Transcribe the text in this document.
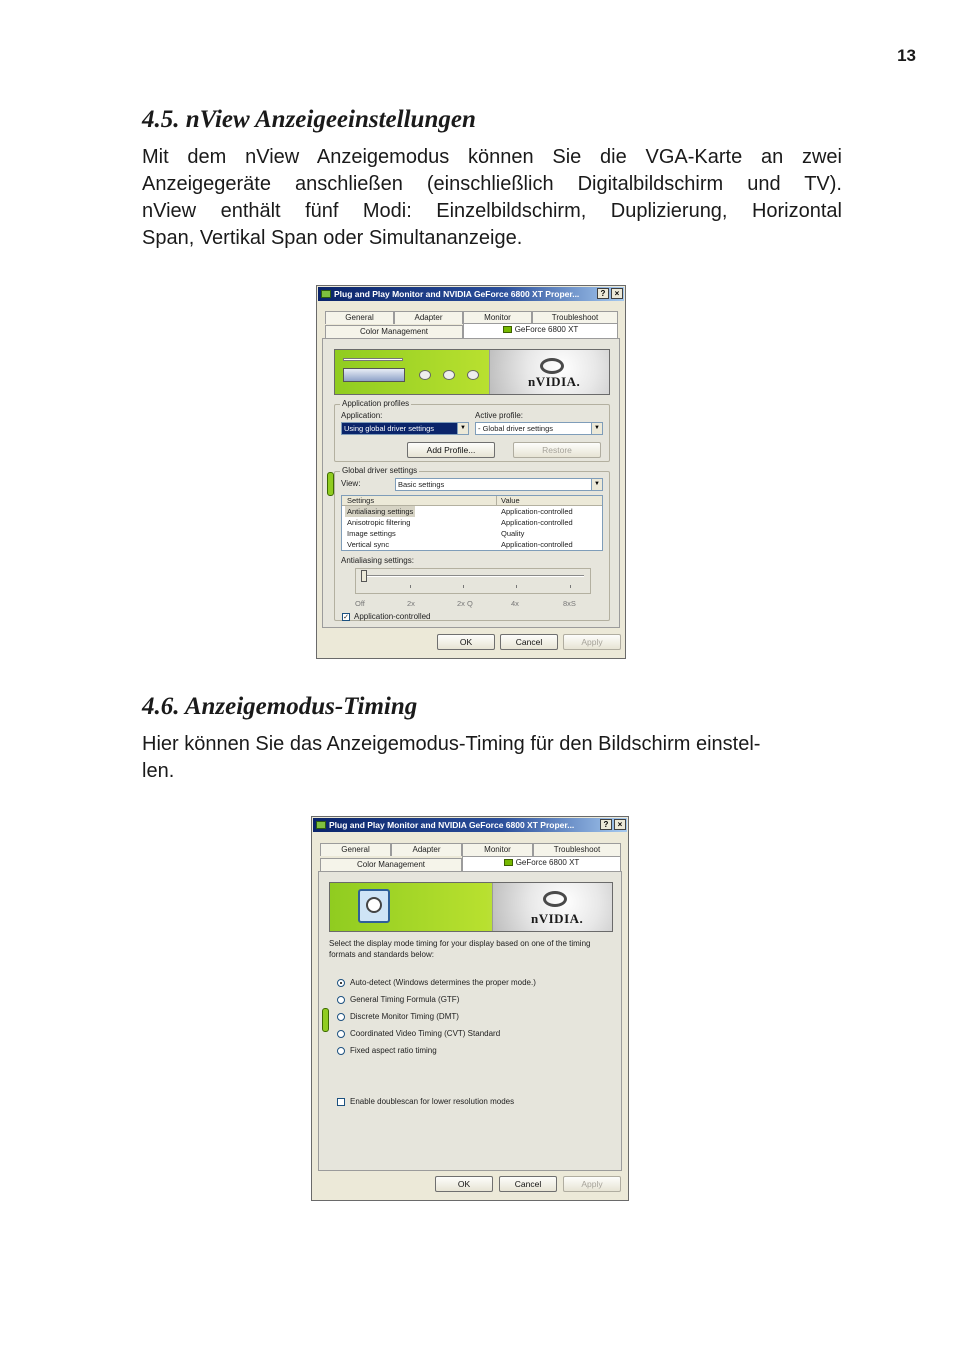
13
4.5. nView Anzeigeeinstellungen
Mit dem nView Anzeigemodus können Sie die VGA-Karte an zwei
Anzeigegeräte anschließen (einschließlich Digitalbildschirm und TV).
nView enthält fünf Modi: Einzelbildschirm, Duplizierung, Horizontal
Span, Vertikal Span oder Simultananzeige.
Plug and Play Monitor and NVIDIA GeForce 6800 XT Proper...	?	×
General	Adapter	Monitor	Troubleshoot
Color Management	GeForce 6800 XT
nVIDIA.
Application profiles
Application:	Active profile:
Using global driver settings	▼	- Global driver settings	▼
Add Profile...	Restore
Global driver settings
View:	Basic settings	▼
Settings	Value
Antialiasing settings	Application-controlled
Anisotropic filtering	Application-controlled
Image settings	Quality
Vertical sync	Application-controlled
Antialiasing settings:
Off	2x	2x Q	4x	8xS
✓ Application-controlled
OK	Cancel	Apply
4.6. Anzeigemodus-Timing
Hier können Sie das Anzeigemodus-Timing für den Bildschirm einstel-
len.
Plug and Play Monitor and NVIDIA GeForce 6800 XT Proper...	?	×
General	Adapter	Monitor	Troubleshoot
Color Management	GeForce 6800 XT
nVIDIA.
Select the display mode timing for your display based on one of the timing
formats and standards below:
Auto-detect (Windows determines the proper mode.)
General Timing Formula (GTF)
Discrete Monitor Timing (DMT)
Coordinated Video Timing (CVT) Standard
Fixed aspect ratio timing
Enable doublescan for lower resolution modes
OK	Cancel	Apply
